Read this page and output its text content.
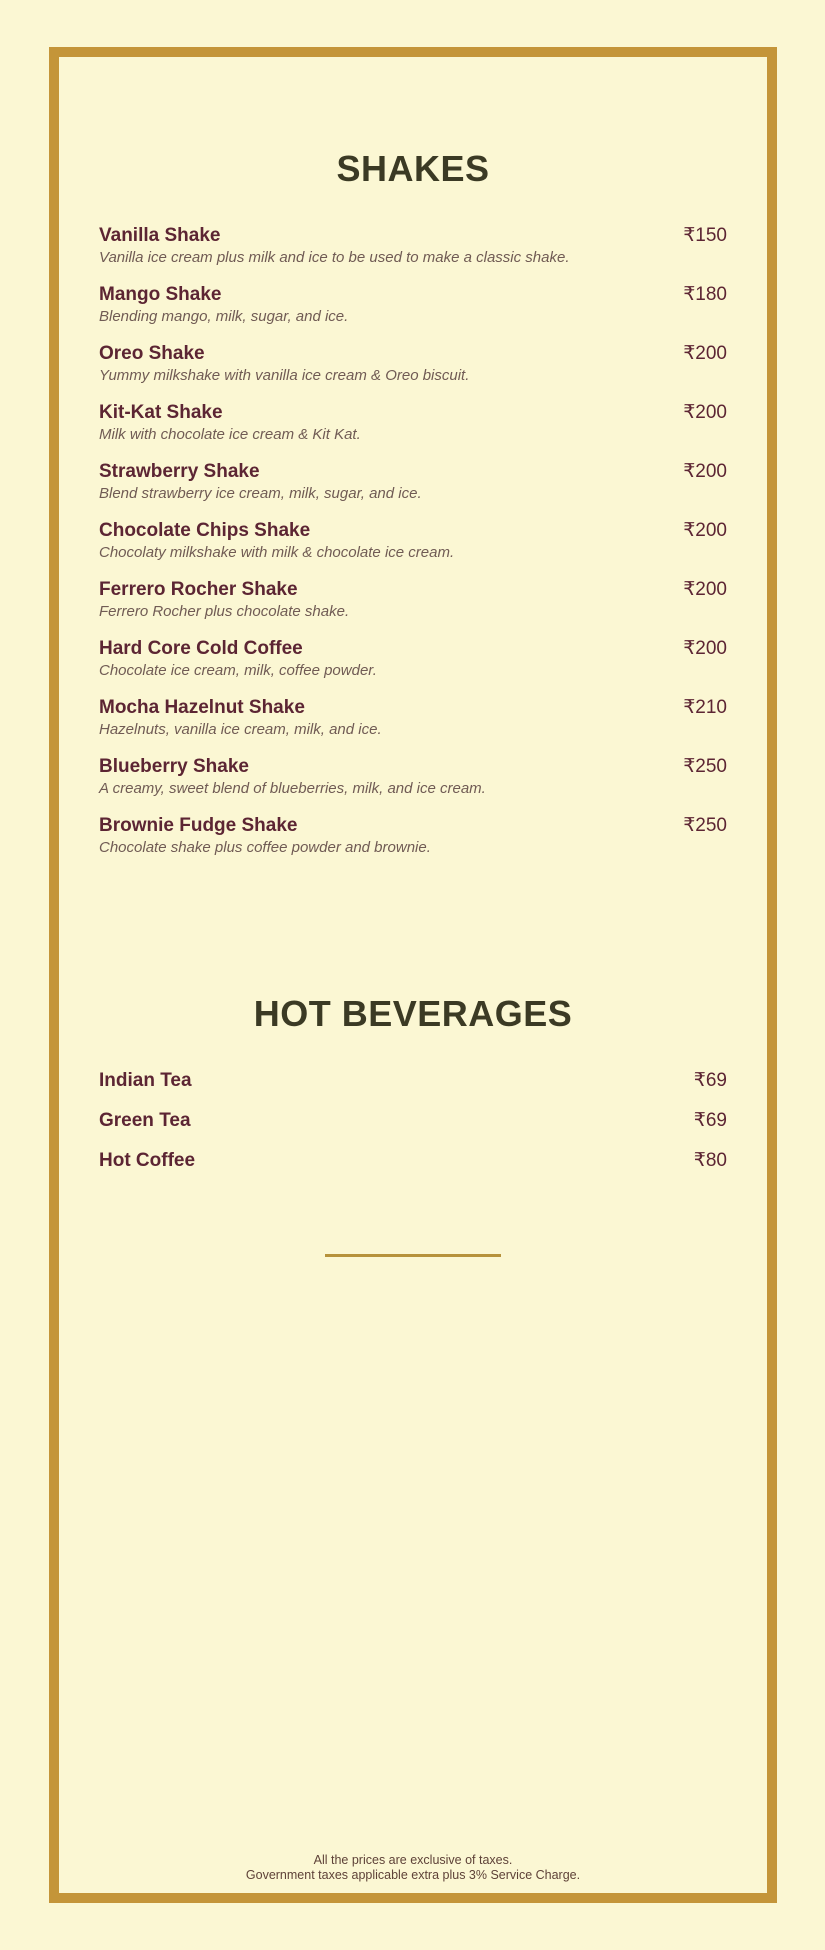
SHAKES
Vanilla Shake	₹150
Vanilla ice cream plus milk and ice to be used to make a classic shake.
Mango Shake	₹180
Blending mango, milk, sugar, and ice.
Oreo Shake	₹200
Yummy milkshake with vanilla ice cream & Oreo biscuit.
Kit-Kat Shake	₹200
Milk with chocolate ice cream & Kit Kat.
Strawberry Shake	₹200
Blend strawberry ice cream, milk, sugar, and ice.
Chocolate Chips Shake	₹200
Chocolaty milkshake with milk & chocolate ice cream.
Ferrero Rocher Shake	₹200
Ferrero Rocher plus chocolate shake.
Hard Core Cold Coffee	₹200
Chocolate ice cream, milk, coffee powder.
Mocha Hazelnut Shake	₹210
Hazelnuts, vanilla ice cream, milk, and ice.
Blueberry Shake	₹250
A creamy, sweet blend of blueberries, milk, and ice cream.
Brownie Fudge Shake	₹250
Chocolate shake plus coffee powder and brownie.
HOT BEVERAGES
Indian Tea	₹69
Green Tea	₹69
Hot Coffee	₹80
All the prices are exclusive of taxes.
Government taxes applicable extra plus 3% Service Charge.
